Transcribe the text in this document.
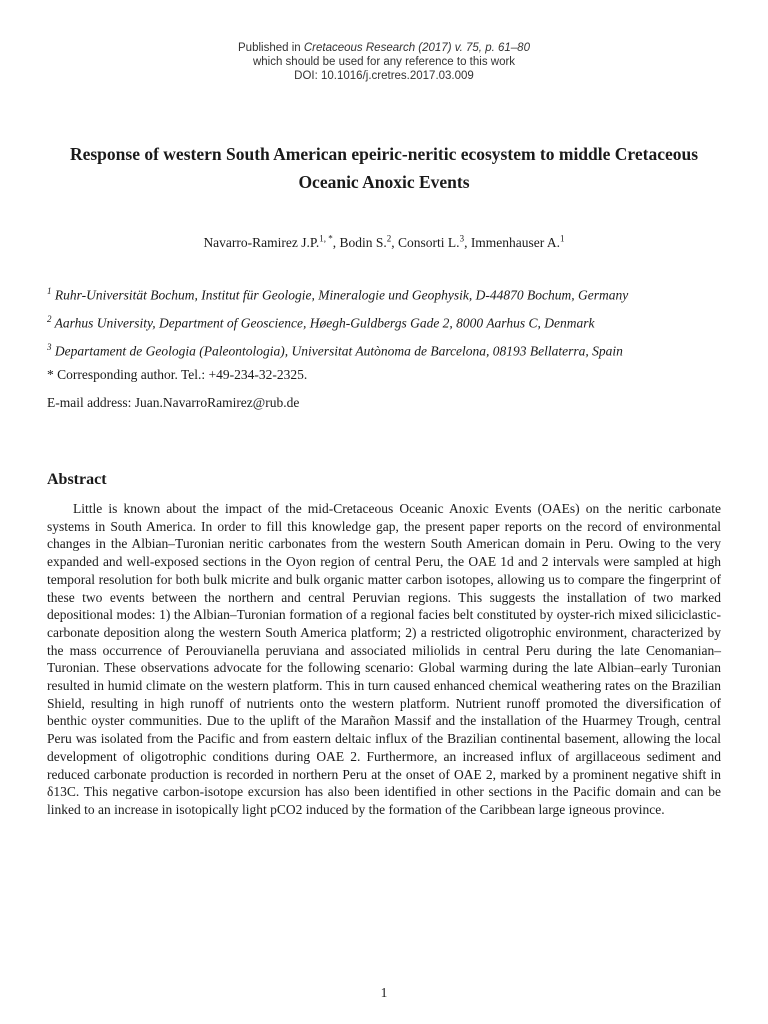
Published in Cretaceous Research (2017) v. 75, p. 61–80
which should be used for any reference to this work
DOI: 10.1016/j.cretres.2017.03.009
Response of western South American epeiric-neritic ecosystem to middle Cretaceous Oceanic Anoxic Events
Navarro-Ramirez J.P.$^{1, *}$, Bodin S.$^2$, Consorti L.$^3$, Immenhauser A.$^1$
$^1$ Ruhr-Universität Bochum, Institut für Geologie, Mineralogie und Geophysik, D-44870 Bochum, Germany
$^2$ Aarhus University, Department of Geoscience, Høegh-Guldbergs Gade 2, 8000 Aarhus C, Denmark
$^3$ Departament de Geologia (Paleontologia), Universitat Autònoma de Barcelona, 08193 Bellaterra, Spain
* Corresponding author. Tel.: +49-234-32-2325.
E-mail address: Juan.NavarroRamirez@rub.de
Abstract
Little is known about the impact of the mid-Cretaceous Oceanic Anoxic Events (OAEs) on the neritic carbonate systems in South America. In order to fill this knowledge gap, the present paper reports on the record of environmental changes in the Albian–Turonian neritic carbonates from the western South American domain in Peru. Owing to the very expanded and well-exposed sections in the Oyon region of central Peru, the OAE 1d and 2 intervals were sampled at high temporal resolution for both bulk micrite and bulk organic matter carbon isotopes, allowing us to compare the fingerprint of these two events between the northern and central Peruvian regions. This suggests the installation of two marked depositional modes: 1) the Albian–Turonian formation of a regional facies belt constituted by oyster-rich mixed siliciclastic-carbonate deposition along the western South America platform; 2) a restricted oligotrophic environment, characterized by the mass occurrence of Perouvianella peruviana and associated miliolids in central Peru during the late Cenomanian–Turonian. These observations advocate for the following scenario: Global warming during the late Albian–early Turonian resulted in humid climate on the western platform. This in turn caused enhanced chemical weathering rates on the Brazilian Shield, resulting in high runoff of nutrients onto the western platform. Nutrient runoff promoted the diversification of benthic oyster communities. Due to the uplift of the Marañon Massif and the installation of the Huarmey Trough, central Peru was isolated from the Pacific and from eastern deltaic influx of the Brazilian continental basement, allowing the local development of oligotrophic conditions during OAE 2. Furthermore, an increased influx of argillaceous sediment and reduced carbonate production is recorded in northern Peru at the onset of OAE 2, marked by a prominent negative shift in δ13C. This negative carbon-isotope excursion has also been identified in other sections in the Pacific domain and can be linked to an increase in isotopically light pCO2 induced by the formation of the Caribbean large igneous province.
1
